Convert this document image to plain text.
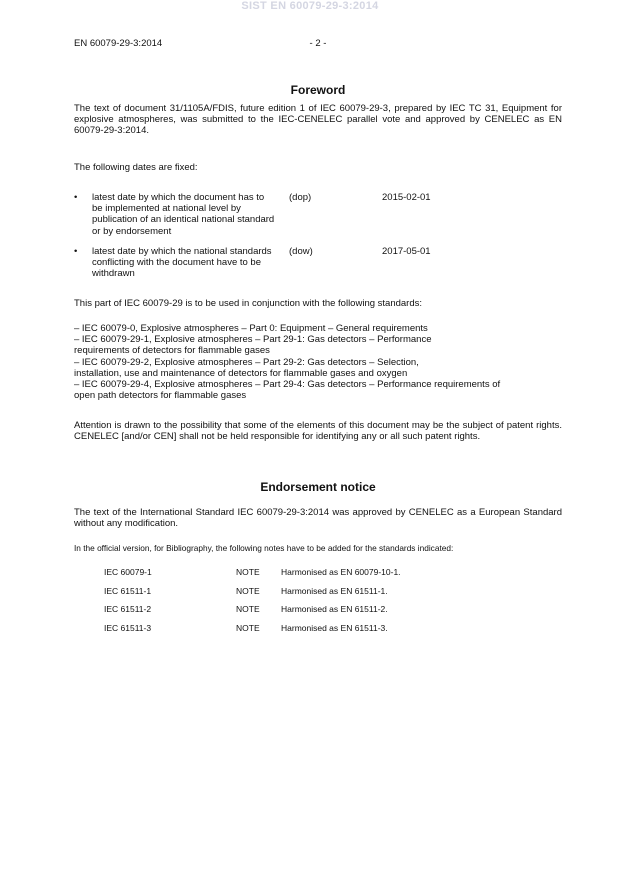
SIST EN 60079-29-3:2014
EN 60079-29-3:2014	- 2 -
Foreword

The text of document 31/1105A/FDIS, future edition 1 of IEC 60079-29-3, prepared by IEC TC 31, Equipment for explosive atmospheres, was submitted to the IEC-CENELEC parallel vote and approved by CENELEC as EN 60079-29-3:2014.

The following dates are fixed:

• latest date by which the document has to be implemented at national level by publication of an identical national standard or by endorsement
(dop)	2015-02-01
• latest date by which the national standards conflicting with the document have to be withdrawn
(dow)	2017-05-01

This part of IEC 60079-29 is to be used in conjunction with the following standards:

– IEC 60079-0, Explosive atmospheres – Part 0: Equipment – General requirements

– IEC 60079-29-1, Explosive atmospheres – Part 29-1: Gas detectors – Performance

requirements of detectors for flammable gases

– IEC 60079-29-2, Explosive atmospheres – Part 29-2: Gas detectors – Selection,

installation, use and maintenance of detectors for flammable gases and oxygen

– IEC 60079-29-4, Explosive atmospheres – Part 29-4: Gas detectors – Performance requirements of

open path detectors for flammable gases

Attention is drawn to the possibility that some of the elements of this document may be the subject of patent rights. CENELEC [and/or CEN] shall not be held responsible for identifying any or all such patent rights.

Endorsement notice

The text of the International Standard IEC 60079-29-3:2014 was approved by CENELEC as a European Standard without any modification.

In the official version, for Bibliography, the following notes have to be added for the standards indicated:

IEC 60079-1	NOTE	Harmonised as EN 60079-10-1.
IEC 61511-1	NOTE	Harmonised as EN 61511-1.
IEC 61511-2	NOTE	Harmonised as EN 61511-2.
IEC 61511-3	NOTE	Harmonised as EN 61511-3.
